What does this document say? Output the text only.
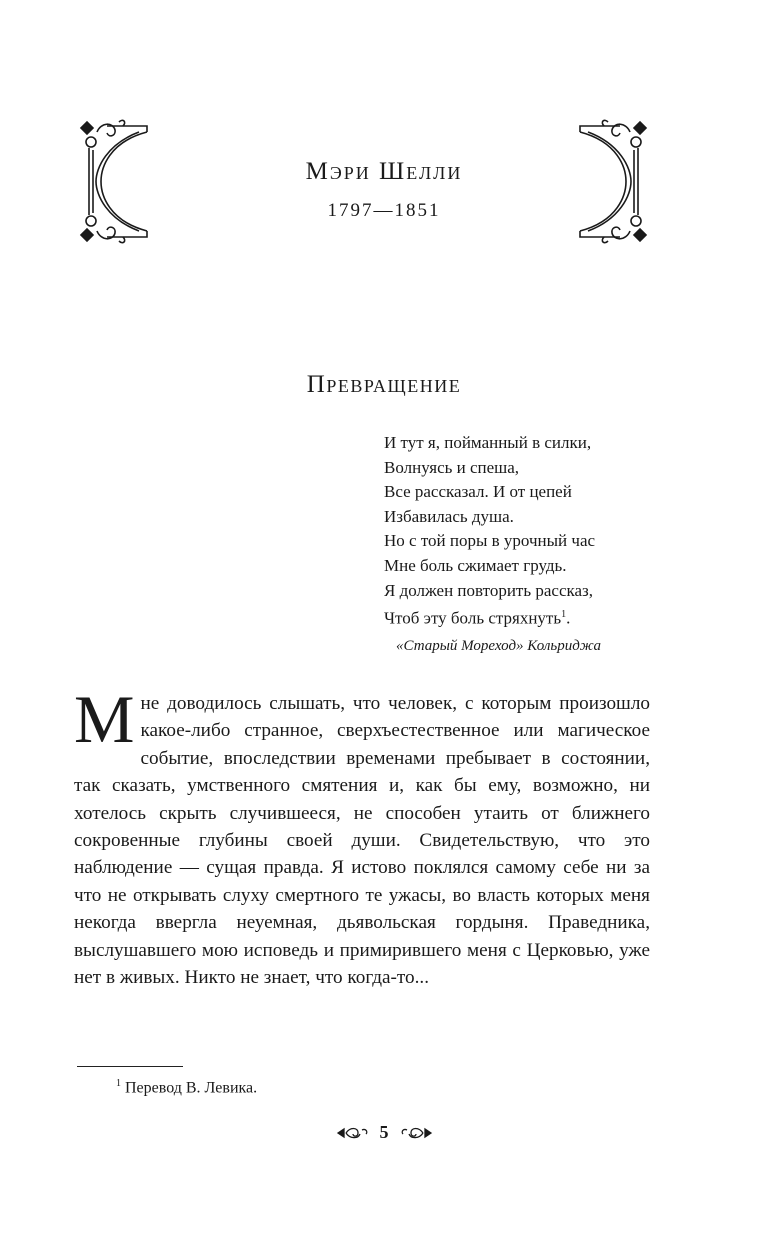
Мэри Шелли
1797—1851
Превращение
И тут я, пойманный в силки,
Волнуясь и спеша,
Все рассказал. И от цепей
Избавилась душа.
Но с той поры в урочный час
Мне боль сжимает грудь.
Я должен повторить рассказ,
Чтоб эту боль стряхнуть$^1$.
«Старый Мореход» Кольриджа
Мне доводилось слышать, что человек, с которым произошло какое-либо странное, сверхъестественное или магическое событие, впоследствии временами пребывает в состоянии, так сказать, умственного смятения и, как бы ему, возможно, ни хотелось скрыть случившееся, не способен утаить от ближнего сокровенные глубины своей души. Свидетельствую, что это наблюдение — сущая правда. Я истово поклялся самому себе ни за что не открывать слуху смертного те ужасы, во власть которых меня некогда ввергла неуемная, дьявольская гордыня. Праведника, выслушавшего мою исповедь и примирившего меня с Церковью, уже нет в живых. Никто не знает, что когда-то...
$^1$ Перевод В. Левика.
5
